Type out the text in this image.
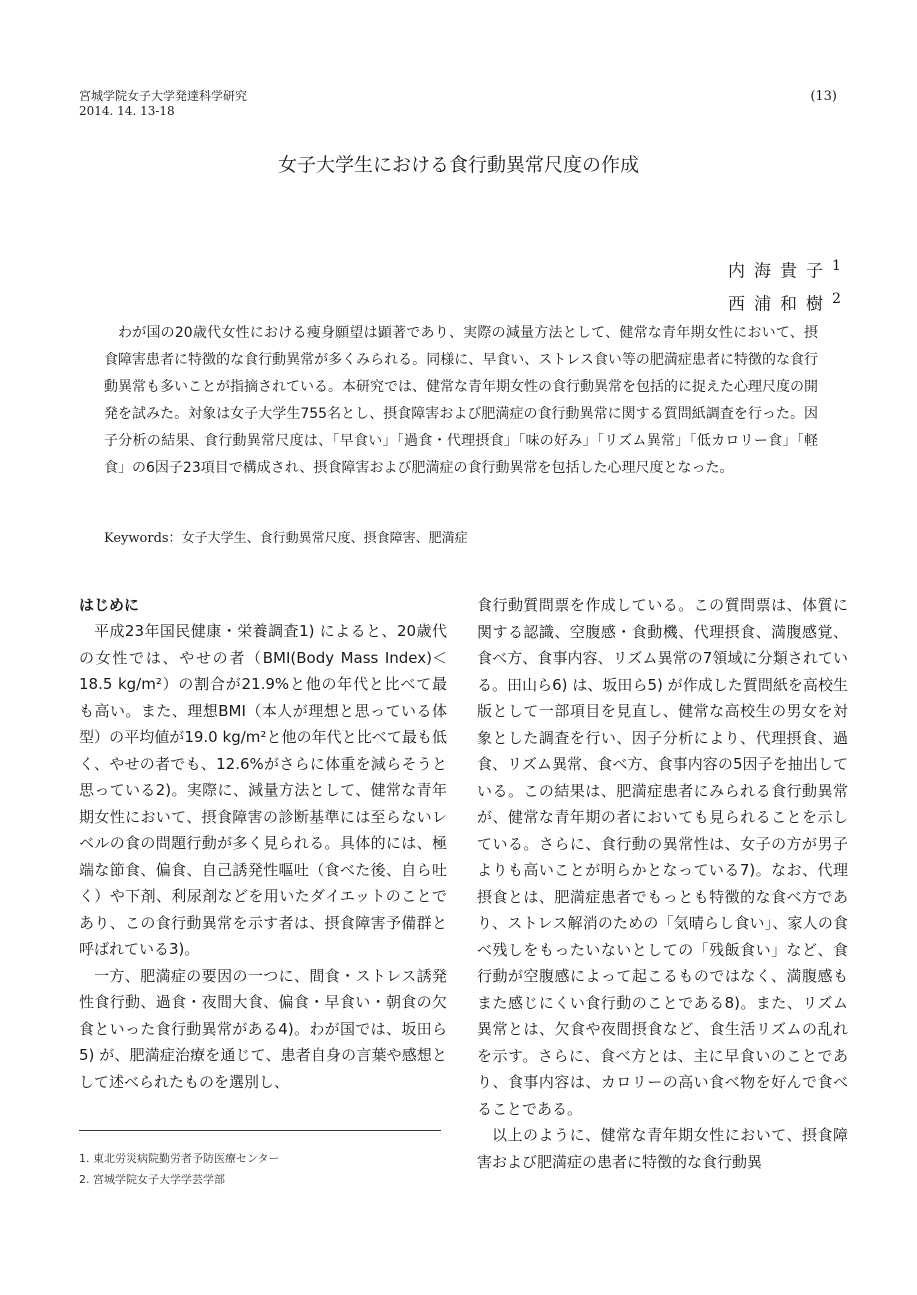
宮城学院女子大学発達科学研究
2014. 14. 13-18
(13)
女子大学生における食行動異常尺度の作成
内海貴子$^1$
西浦和樹$^2$

わが国の20歳代女性における痩身願望は顕著であり、実際の減量方法として、健常な青年期女性において、摂食障害患者に特徴的な食行動異常が多くみられる。同様に、早食い、ストレス食い等の肥満症患者に特徴的な食行動異常も多いことが指摘されている。本研究では、健常な青年期女性の食行動異常を包括的に捉えた心理尺度の開発を試みた。対象は女子大学生755名とし、摂食障害および肥満症の食行動異常に関する質問紙調査を行った。因子分析の結果、食行動異常尺度は、「早食い」「過食・代理摂食」「味の好み」「リズム異常」「低カロリー食」「軽食」の6因子23項目で構成され、摂食障害および肥満症の食行動異常を包括した心理尺度となった。

Keywords：女子大学生、食行動異常尺度、摂食障害、肥満症
はじめに

平成23年国民健康・栄養調査1) によると、20歳代の女性では、やせの者（BMI(Body Mass Index)＜18.5 kg/m²）の割合が21.9%と他の年代と比べて最も高い。また、理想BMI（本人が理想と思っている体型）の平均値が19.0 kg/m²と他の年代と比べて最も低く、やせの者でも、12.6%がさらに体重を減らそうと思っている2)。実際に、減量方法として、健常な青年期女性において、摂食障害の診断基準には至らないレベルの食の問題行動が多く見られる。具体的には、極端な節食、偏食、自己誘発性嘔吐（食べた後、自ら吐く）や下剤、利尿剤などを用いたダイエットのことであり、この食行動異常を示す者は、摂食障害予備群と呼ばれている3)。

一方、肥満症の要因の一つに、間食・ストレス誘発性食行動、過食・夜間大食、偏食・早食い・朝食の欠食といった食行動異常がある4)。わが国では、坂田ら5) が、肥満症治療を通じて、患者自身の言葉や感想として述べられたものを選別し、

食行動質問票を作成している。この質問票は、体質に関する認識、空腹感・食動機、代理摂食、満腹感覚、食べ方、食事内容、リズム異常の7領域に分類されている。田山ら6) は、坂田ら5) が作成した質問紙を高校生版として一部項目を見直し、健常な高校生の男女を対象とした調査を行い、因子分析により、代理摂食、過食、リズム異常、食べ方、食事内容の5因子を抽出している。この結果は、肥満症患者にみられる食行動異常が、健常な青年期の者においても見られることを示している。さらに、食行動の異常性は、女子の方が男子よりも高いことが明らかとなっている7)。なお、代理摂食とは、肥満症患者でもっとも特徴的な食べ方であり、ストレス解消のための「気晴らし食い」、家人の食べ残しをもったいないとしての「残飯食い」など、食行動が空腹感によって起こるものではなく、満腹感もまた感じにくい食行動のことである8)。また、リズム異常とは、欠食や夜間摂食など、食生活リズムの乱れを示す。さらに、食べ方とは、主に早食いのことであり、食事内容は、カロリーの高い食べ物を好んで食べることである。

以上のように、健常な青年期女性において、摂食障害および肥満症の患者に特徴的な食行動異

1. 東北労災病院勤労者予防医療センター
2. 宮城学院女子大学学芸学部
